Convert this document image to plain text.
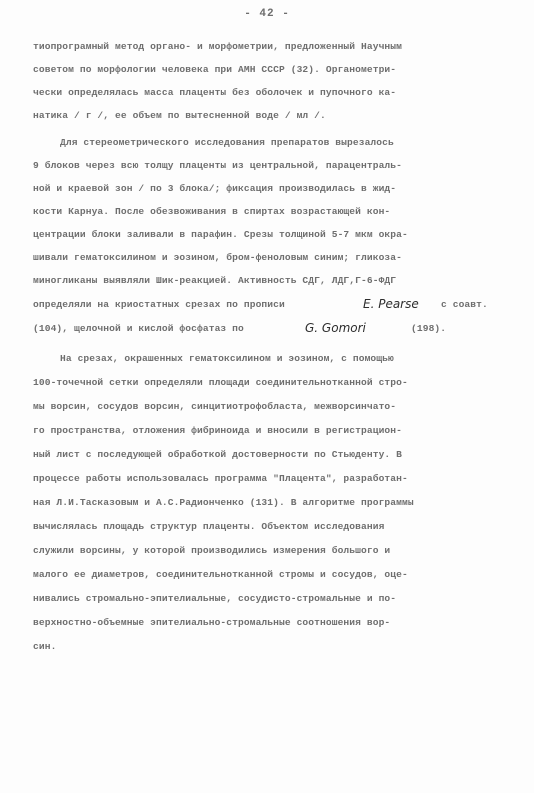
- 42 -
тиопрограмный метод органо- и морфометрии, предложенный Научным
советом по морфологии человека при АМН СССР (32). Органометри-
чески определялась масса плаценты без оболочек и пупочного ка-
натика / г /, ее объем по вытесненной воде / мл /.
Для стереометрического исследования препаратов вырезалось
9 блоков через всю толщу плаценты из центральной, парацентраль-
ной и краевой зон / по 3 блока/; фиксация производилась в жид-
кости Карнуа. После обезвоживания в спиртах возрастающей кон-
центрации блоки заливали в парафин. Срезы толщиной 5-7 мкм окра-
шивали гематоксилином и эозином, бром-феноловым синим; гликоза-
миногликаны выявляли Шик-реакцией. Активность СДГ, ЛДГ,Г-6-ФДГ
определяли на криостатных срезах по прописи	E. Pearse с соавт.
(104), щелочной и кислой фосфатаз по	G. Gomori	(198).
На срезах, окрашенных гематоксилином и эозином, с помощью
100-точечной сетки определяли площади соединительнотканной стро-
мы ворсин, сосудов ворсин, синцитиотрофобласта, межворсинчато-
го пространства, отложения фибриноида и вносили в регистрацион-
ный лист с последующей обработкой достоверности по Стьюденту. В
процессе работы использовалась программа "Плацента", разработан-
ная Л.И.Тасказовым и А.С.Радионченко (131). В алгоритме программы
вычислялась площадь структур плаценты. Объектом исследования
служили ворсины, у которой производились измерения большого и
малого ее диаметров, соединительнотканной стромы и сосудов, оце-
нивались стромально-эпителиальные, сосудисто-стромальные и по-
верхностно-объемные эпителиально-стромальные соотношения вор-
син.
